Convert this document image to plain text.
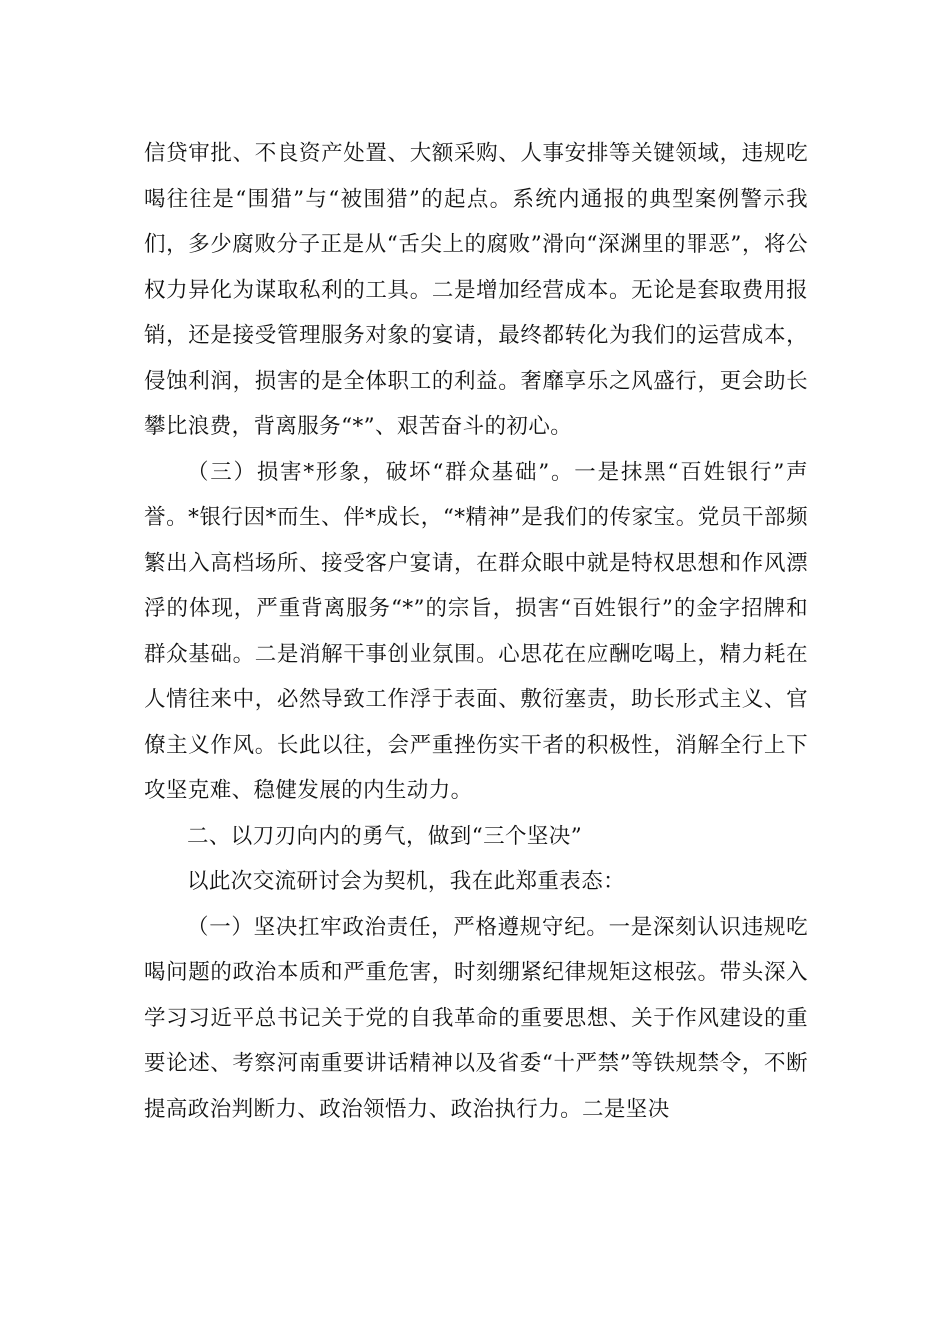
信贷审批、不良资产处置、大额采购、人事安排等关键领域，违规吃喝往往是“围猎”与“被围猎”的起点。系统内通报的典型案例警示我们，多少腐败分子正是从“舌尖上的腐败”滑向“深渊里的罪恶”，将公权力异化为谋取私利的工具。二是增加经营成本。无论是套取费用报销，还是接受管理服务对象的宴请，最终都转化为我们的运营成本，侵蚀利润，损害的是全体职工的利益。奢靡享乐之风盛行，更会助长攀比浪费，背离服务“*”、艰苦奋斗的初心。

（三）损害*形象，破坏“群众基础”。一是抹黑“百姓银行”声誉。*银行因*而生、伴*成长，“*精神”是我们的传家宝。党员干部频繁出入高档场所、接受客户宴请，在群众眼中就是特权思想和作风漂浮的体现，严重背离服务“*”的宗旨，损害“百姓银行”的金字招牌和群众基础。二是消解干事创业氛围。心思花在应酬吃喝上，精力耗在人情往来中，必然导致工作浮于表面、敷衍塞责，助长形式主义、官僚主义作风。长此以往，会严重挫伤实干者的积极性，消解全行上下攻坚克难、稳健发展的内生动力。

二、以刀刃向内的勇气，做到“三个坚决”

以此次交流研讨会为契机，我在此郑重表态：

（一）坚决扛牢政治责任，严格遵规守纪。一是深刻认识违规吃喝问题的政治本质和严重危害，时刻绷紧纪律规矩这根弦。带头深入学习习近平总书记关于党的自我革命的重要思想、关于作风建设的重要论述、考察河南重要讲话精神以及省委“十严禁”等铁规禁令，不断提高政治判断力、政治领悟力、政治执行力。二是坚决
